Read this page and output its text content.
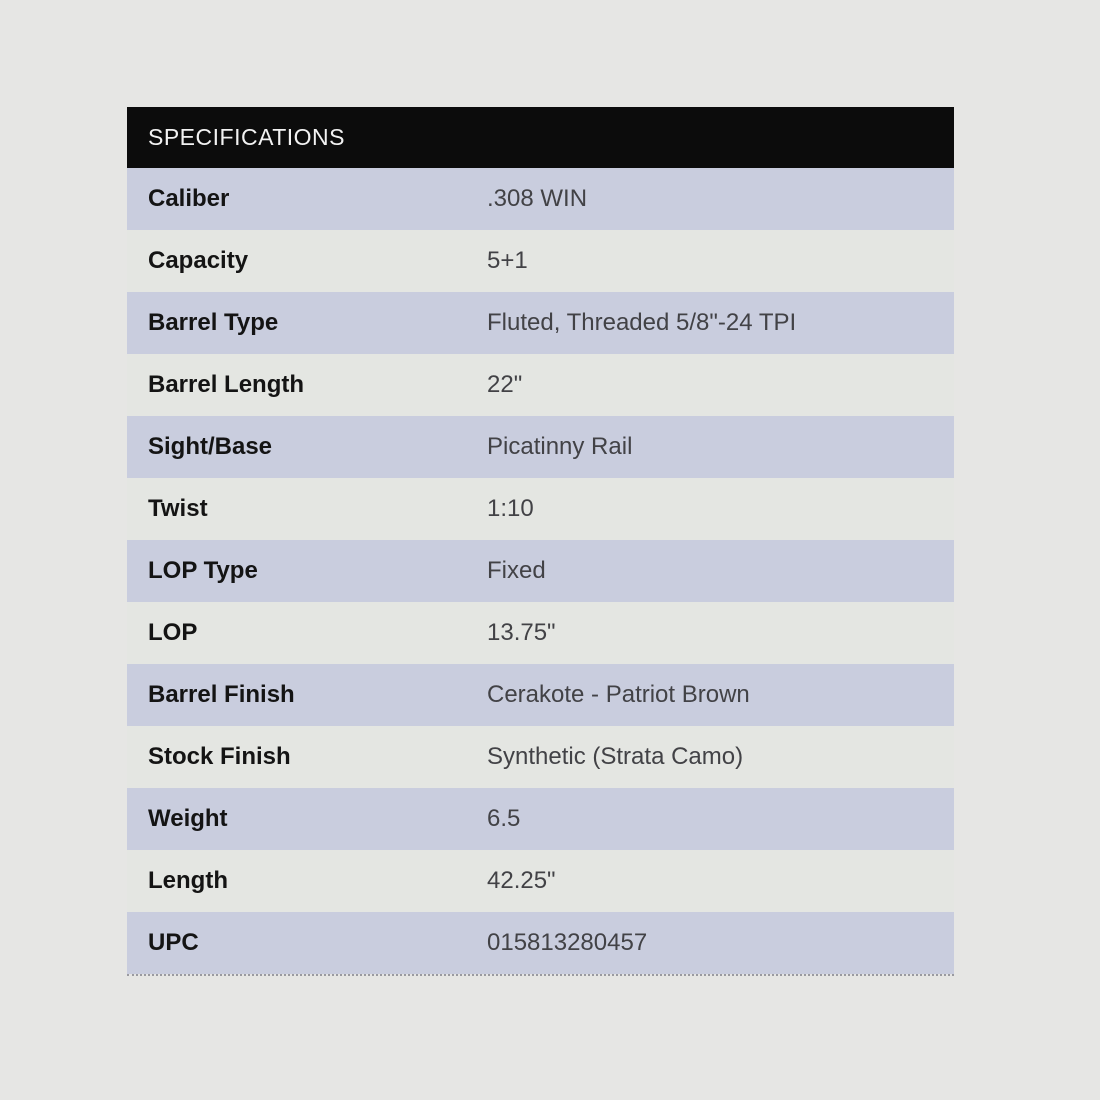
SPECIFICATIONS
Caliber	.308 WIN
Capacity	5+1
Barrel Type	Fluted, Threaded 5/8"-24 TPI
Barrel Length	22"
Sight/Base	Picatinny Rail
Twist	1:10
LOP Type	Fixed
LOP	13.75"
Barrel Finish	Cerakote - Patriot Brown
Stock Finish	Synthetic (Strata Camo)
Weight	6.5
Length	42.25"
UPC	015813280457
